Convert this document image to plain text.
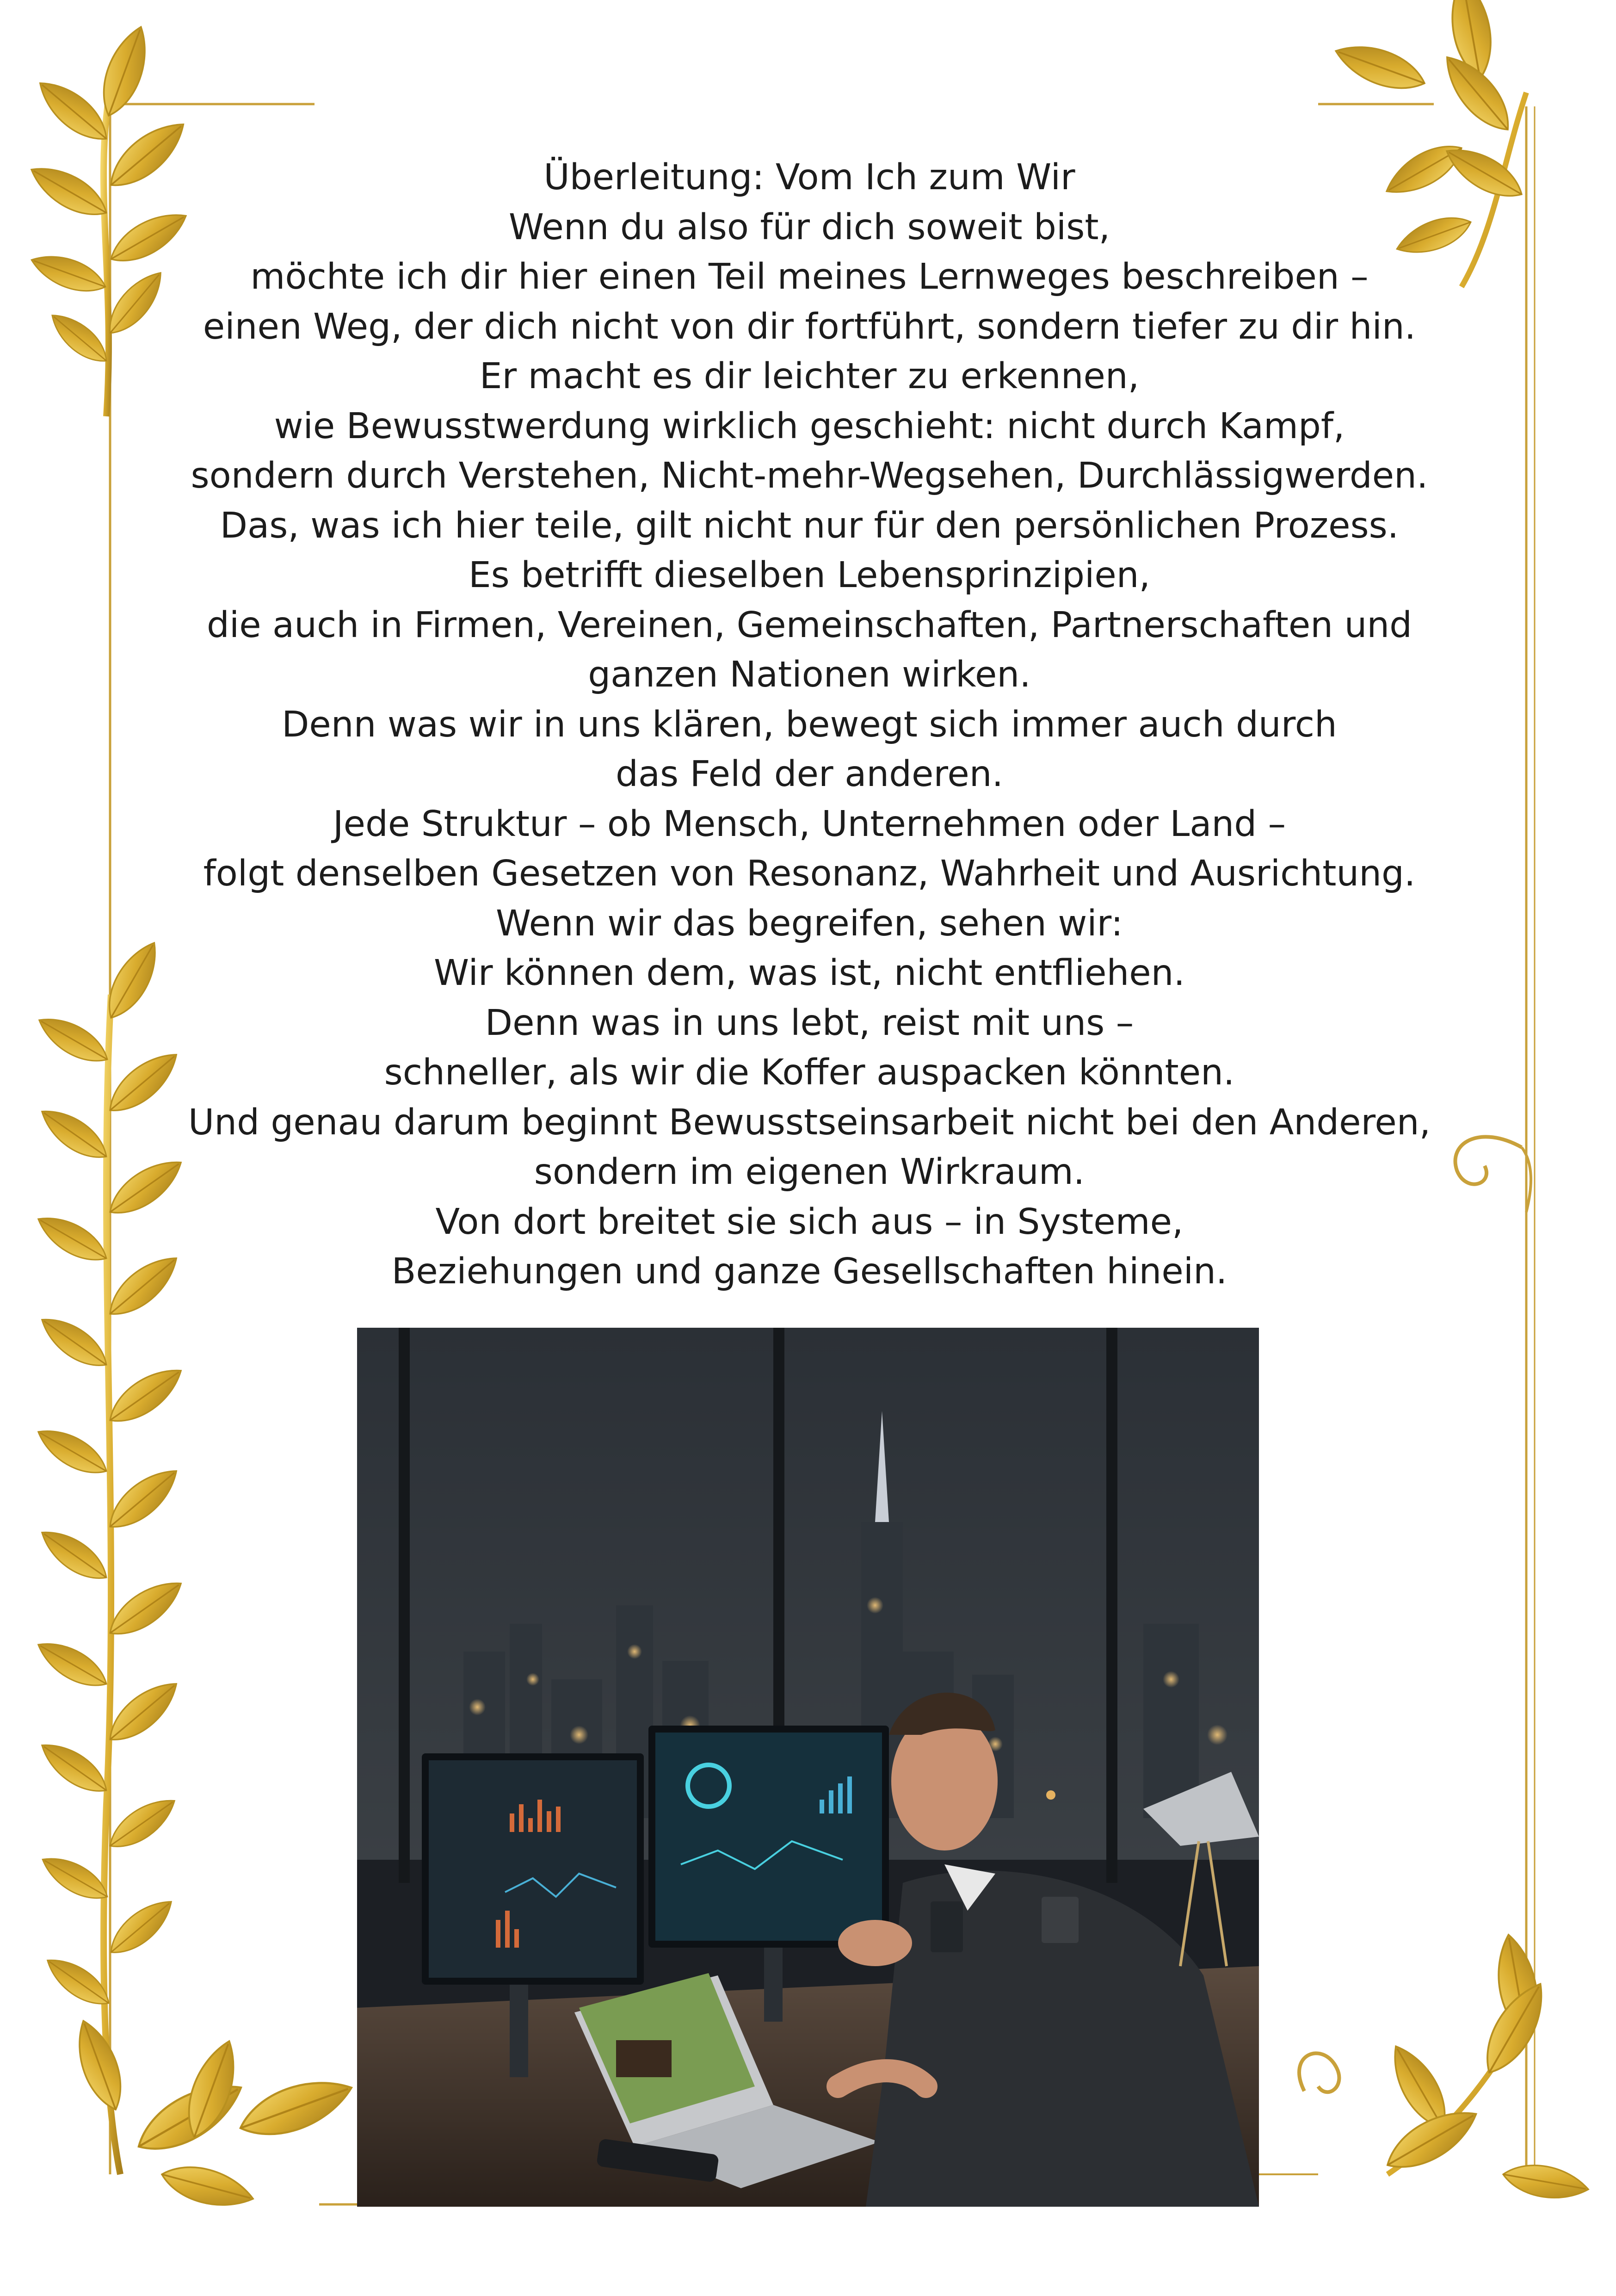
Überleitung: Vom Ich zum Wir
Wenn du also für dich soweit bist,
möchte ich dir hier einen Teil meines Lernweges beschreiben –
einen Weg, der dich nicht von dir fortführt, sondern tiefer zu dir hin.
Er macht es dir leichter zu erkennen,
wie Bewusstwerdung wirklich geschieht: nicht durch Kampf,
sondern durch Verstehen, Nicht-mehr-Wegsehen, Durchlässigwerden.
Das, was ich hier teile, gilt nicht nur für den persönlichen Prozess.
Es betrifft dieselben Lebensprinzipien,
die auch in Firmen, Vereinen, Gemeinschaften, Partnerschaften und
ganzen Nationen wirken.
Denn was wir in uns klären, bewegt sich immer auch durch
das Feld der anderen.
Jede Struktur – ob Mensch, Unternehmen oder Land –
folgt denselben Gesetzen von Resonanz, Wahrheit und Ausrichtung.
Wenn wir das begreifen, sehen wir:
Wir können dem, was ist, nicht entfliehen.
Denn was in uns lebt, reist mit uns –
schneller, als wir die Koffer auspacken könnten.
Und genau darum beginnt Bewusstseinsarbeit nicht bei den Anderen,
sondern im eigenen Wirkraum.
Von dort breitet sie sich aus – in Systeme,
Beziehungen und ganze Gesellschaften hinein.
